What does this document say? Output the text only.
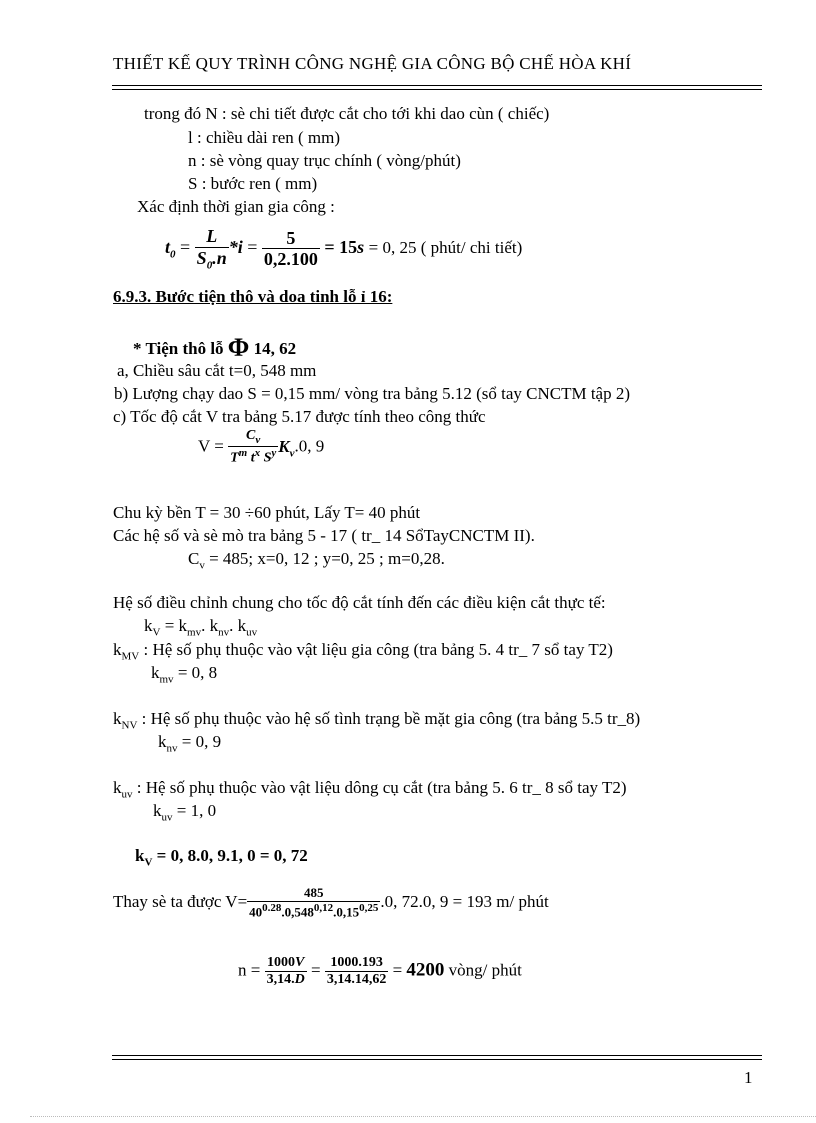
THIẾT KẾ QUY TRÌNH CÔNG NGHỆ GIA CÔNG BỘ CHẾ HÒA KHÍ
trong đó N : sè chi tiết được cắt cho tới khi dao cùn ( chiếc)
l : chiều dài ren ( mm)
n : sè vòng quay trục chính ( vòng/phút)
S : bước ren ( mm)
Xác định thời gian gia công :
$t_0 = \frac{L}{S_0.n} *i = \frac{5}{0,2.100} = 15s = 0$, 25 ( phút/ chi tiết)
6.9.3. Bước tiện thô và doa tinh lỗ ỉ 16:
* Tiện thô lỗ Φ 14, 62
a, Chiều sâu cắt t=0, 548 mm
b) Lượng chạy dao S = 0,15 mm/ vòng tra bảng 5.12 (sổ tay CNCTM tập 2)
c) Tốc độ cắt V tra bảng 5.17 được tính theo công thức
$V = \frac{C_v}{T^m t^x S^y} K_v.0$, 9
Chu kỳ bền T = 30 ÷60 phút, Lấy T= 40 phút
Các hệ số và sè mò tra bảng 5 - 17 ( tr_ 14 SổTayCNCTM II).
$C_v = 485$; x=0, 12 ; y=0, 25 ; m=0,28.
Hệ số điều chỉnh chung cho tốc độ cắt tính đến các điều kiện cắt thực tế:
$k_V = k_{mv}$. $k_{nv}$. $k_{uv}$
$k_{MV}$ : Hệ số phụ thuộc vào vật liệu gia công (tra bảng 5. 4 tr_ 7 sổ tay T2)
$k_{mv} = 0$, 8
$k_{NV}$ : Hệ số phụ thuộc vào hệ số tình trạng bề mặt gia công (tra bảng 5.5 tr_8)
$k_{nv} = 0$, 9
$k_{uv}$ : Hệ số phụ thuộc vào vật liệu dông cụ cắt (tra bảng 5. 6 tr_ 8 sổ tay T2)
$k_{uv} = 1$, 0
$k_V = 0$, 8.0, 9.1, 0 = 0, 72
Thay sè ta được $V= \frac{485}{40^{0.28}.0,548^{0,12}.0,15^{0,25}} .0$, 72.0, 9 = 193 m/ phút
$n = \frac{1000V}{3,14.D} = \frac{1000.193}{3,14.14,62} = 4200$ vòng/ phút
1
